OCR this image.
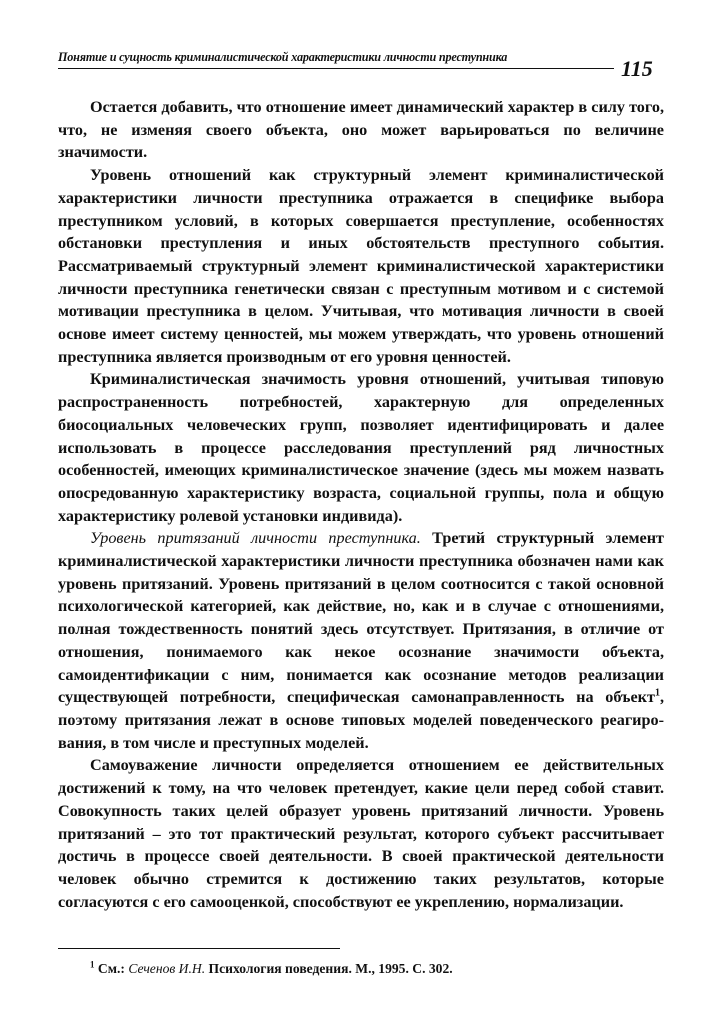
Понятие и сущность криминалистической характеристики личности преступника	115

Остается добавить, что отношение имеет динамический характер в силу того, что, не изменяя своего объекта, оно может варьироваться по величине значимости.

Уровень отношений как структурный элемент криминалистической характеристики личности преступника отражается в специфике выбора преступником условий, в которых совершается преступление, особенностях обстановки преступления и иных обстоятельств преступного события. Рассматриваемый структурный элемент криминалистической характеристики личности преступника генетически связан с преступным мотивом и с системой мотивации преступника в целом. Учитывая, что мотивация личности в своей основе имеет систему ценностей, мы можем утверждать, что уровень отношений преступника является производным от его уровня ценностей.

Криминалистическая значимость уровня отношений, учитывая типовую распространенность потребностей, характерную для определенных биосоциальных человеческих групп, позволяет идентифицировать и далее использовать в процессе расследования преступлений ряд личностных особенностей, имеющих криминалистическое значение (здесь мы можем назвать опосредованную характеристику возраста, социальной группы, пола и общую характеристику ролевой установки индивида).

Уровень притязаний личности преступника. Третий структурный элемент криминалистической характеристики личности преступника обозначен нами как уровень притязаний. Уровень притязаний в целом соотносится с такой основной психологической категорией, как действие, но, как и в случае с отношениями, полная тождественность понятий здесь отсутствует. Притязания, в отличие от отношения, понимаемого как некое осознание значимости объекта, самоидентификации с ним, понимается как осознание методов реализации существующей потребности, специфическая самонаправленность на объект$^1$, поэтому притязания лежат в основе типовых моделей поведенческого реагирования, в том числе и преступных моделей.

Самоуважение личности определяется отношением ее действительных достижений к тому, на что человек претендует, какие цели перед собой ставит. Совокупность таких целей образует уровень притязаний личности. Уровень притязаний – это тот практический результат, которого субъект рассчитывает достичь в процессе своей деятельности. В своей практической деятельности человек обычно стремится к достижению таких результатов, которые согласуются с его самооценкой, способствуют ее укреплению, нормализации.

$^1$ См.: Сеченов И.Н. Психология поведения. М., 1995. С. 302.
